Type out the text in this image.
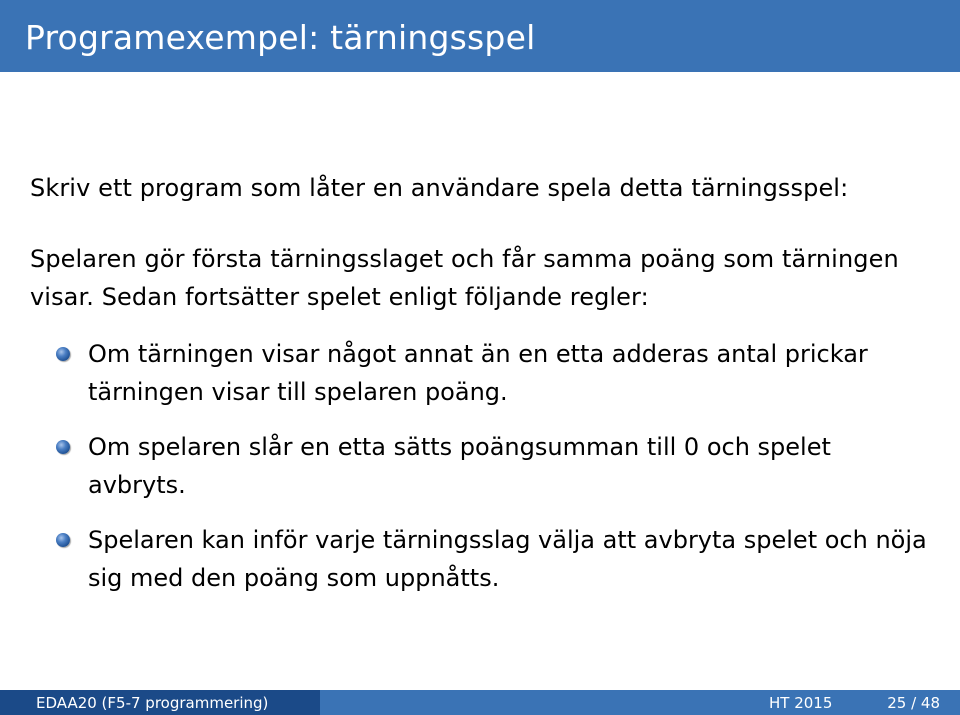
Programexempel: tärningsspel
Skriv ett program som låter en användare spela detta tärningsspel:
Spelaren gör första tärningsslaget och får samma poäng som tärningen visar. Sedan fortsätter spelet enligt följande regler:
Om tärningen visar något annat än en etta adderas antal prickar tärningen visar till spelaren poäng.
Om spelaren slår en etta sätts poängsumman till 0 och spelet avbryts.
Spelaren kan inför varje tärningsslag välja att avbryta spelet och nöja sig med den poäng som uppnåtts.
EDAA20 (F5-7 programmering)	HT 2015	25 / 48
